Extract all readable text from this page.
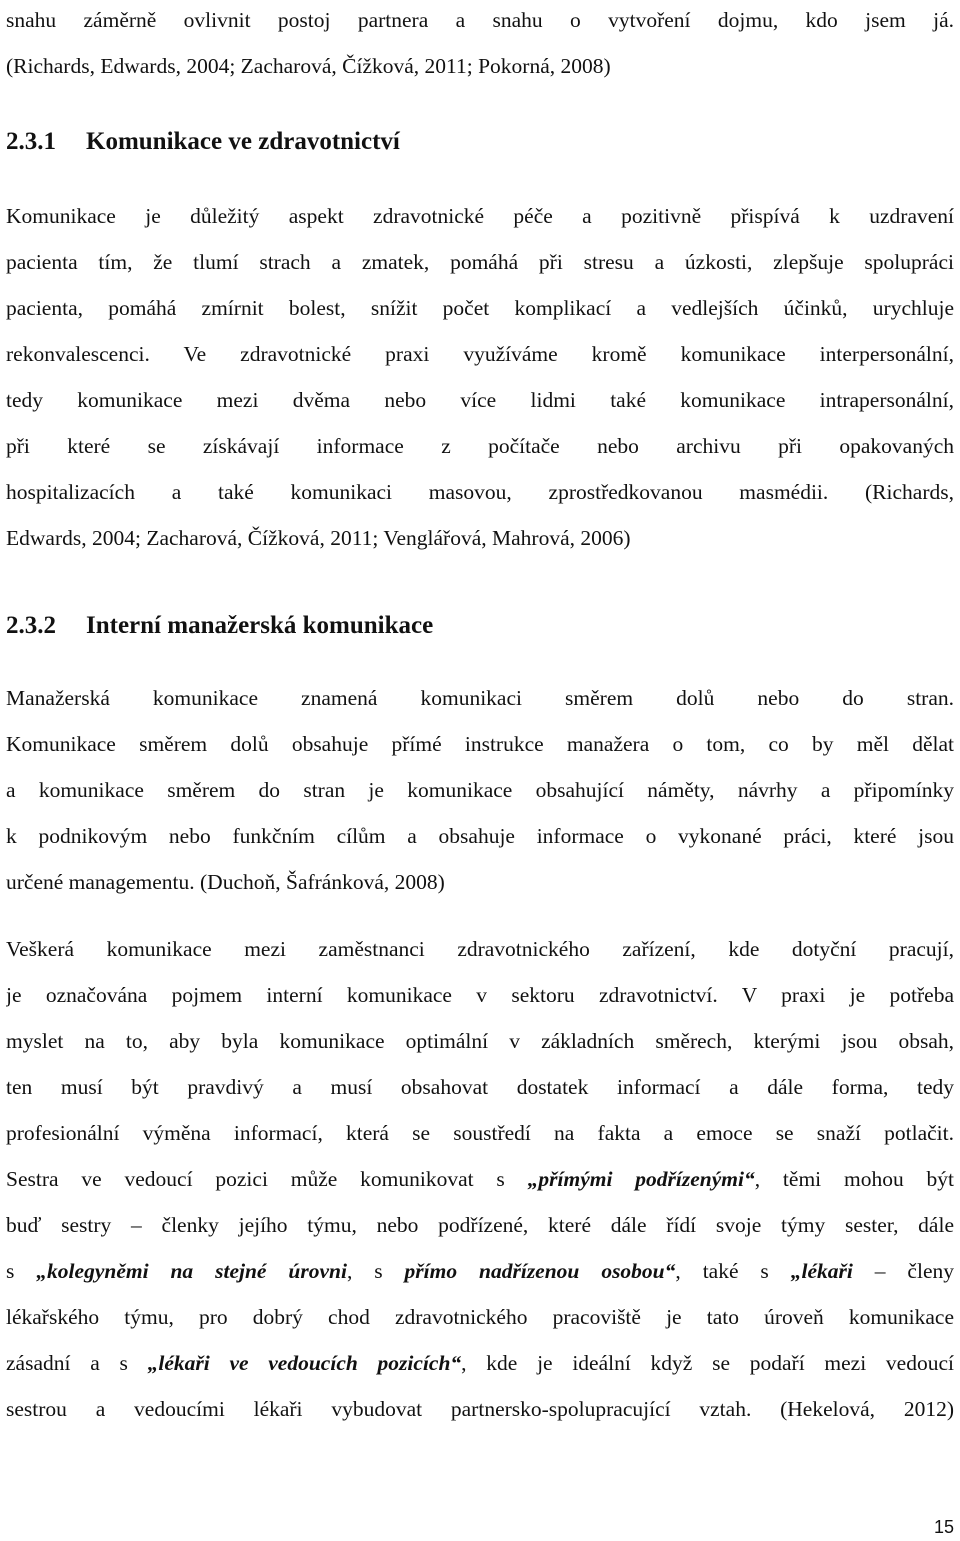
snahu záměrně ovlivnit postoj partnera a snahu o vytvoření dojmu, kdo jsem já.
(Richards, Edwards, 2004; Zacharová, Čížková, 2011; Pokorná, 2008)
2.3.1 Komunikace ve zdravotnictví
Komunikace je důležitý aspekt zdravotnické péče a pozitivně přispívá k uzdravení
pacienta tím, že tlumí strach a zmatek, pomáhá při stresu a úzkosti, zlepšuje spolupráci
pacienta, pomáhá zmírnit bolest, snížit počet komplikací a vedlejších účinků, urychluje
rekonvalescenci. Ve zdravotnické praxi využíváme kromě komunikace interpersonální,
tedy komunikace mezi dvěma nebo více lidmi také komunikace intrapersonální,
při které se získávají informace z počítače nebo archivu při opakovaných
hospitalizacích a také komunikaci masovou, zprostředkovanou masmédii. (Richards,
Edwards, 2004; Zacharová, Čížková, 2011; Venglářová, Mahrová, 2006)
2.3.2 Interní manažerská komunikace
Manažerská komunikace znamená komunikaci směrem dolů nebo do stran.
Komunikace směrem dolů obsahuje přímé instrukce manažera o tom, co by měl dělat
a komunikace směrem do stran je komunikace obsahující náměty, návrhy a připomínky
k podnikovým nebo funkčním cílům a obsahuje informace o vykonané práci, které jsou
určené managementu. (Duchoň, Šafránková, 2008)
Veškerá komunikace mezi zaměstnanci zdravotnického zařízení, kde dotyční pracují,
je označována pojmem interní komunikace v sektoru zdravotnictví. V praxi je potřeba
myslet na to, aby byla komunikace optimální v základních směrech, kterými jsou obsah,
ten musí být pravdivý a musí obsahovat dostatek informací a dále forma, tedy
profesionální výměna informací, která se soustředí na fakta a emoce se snaží potlačit.
Sestra ve vedoucí pozici může komunikovat s „přímými podřízenými“, těmi mohou být
buď sestry – členky jejího týmu, nebo podřízené, které dále řídí svoje týmy sester, dále
s „kolegyněmi na stejné úrovni, s přímo nadřízenou osobou“, také s „lékaři – členy
lékařského týmu, pro dobrý chod zdravotnického pracoviště je tato úroveň komunikace
zásadní a s „lékaři ve vedoucích pozicích“, kde je ideální když se podaří mezi vedoucí
sestrou a vedoucími lékaři vybudovat partnersko-spolupracující vztah. (Hekelová, 2012)
15
